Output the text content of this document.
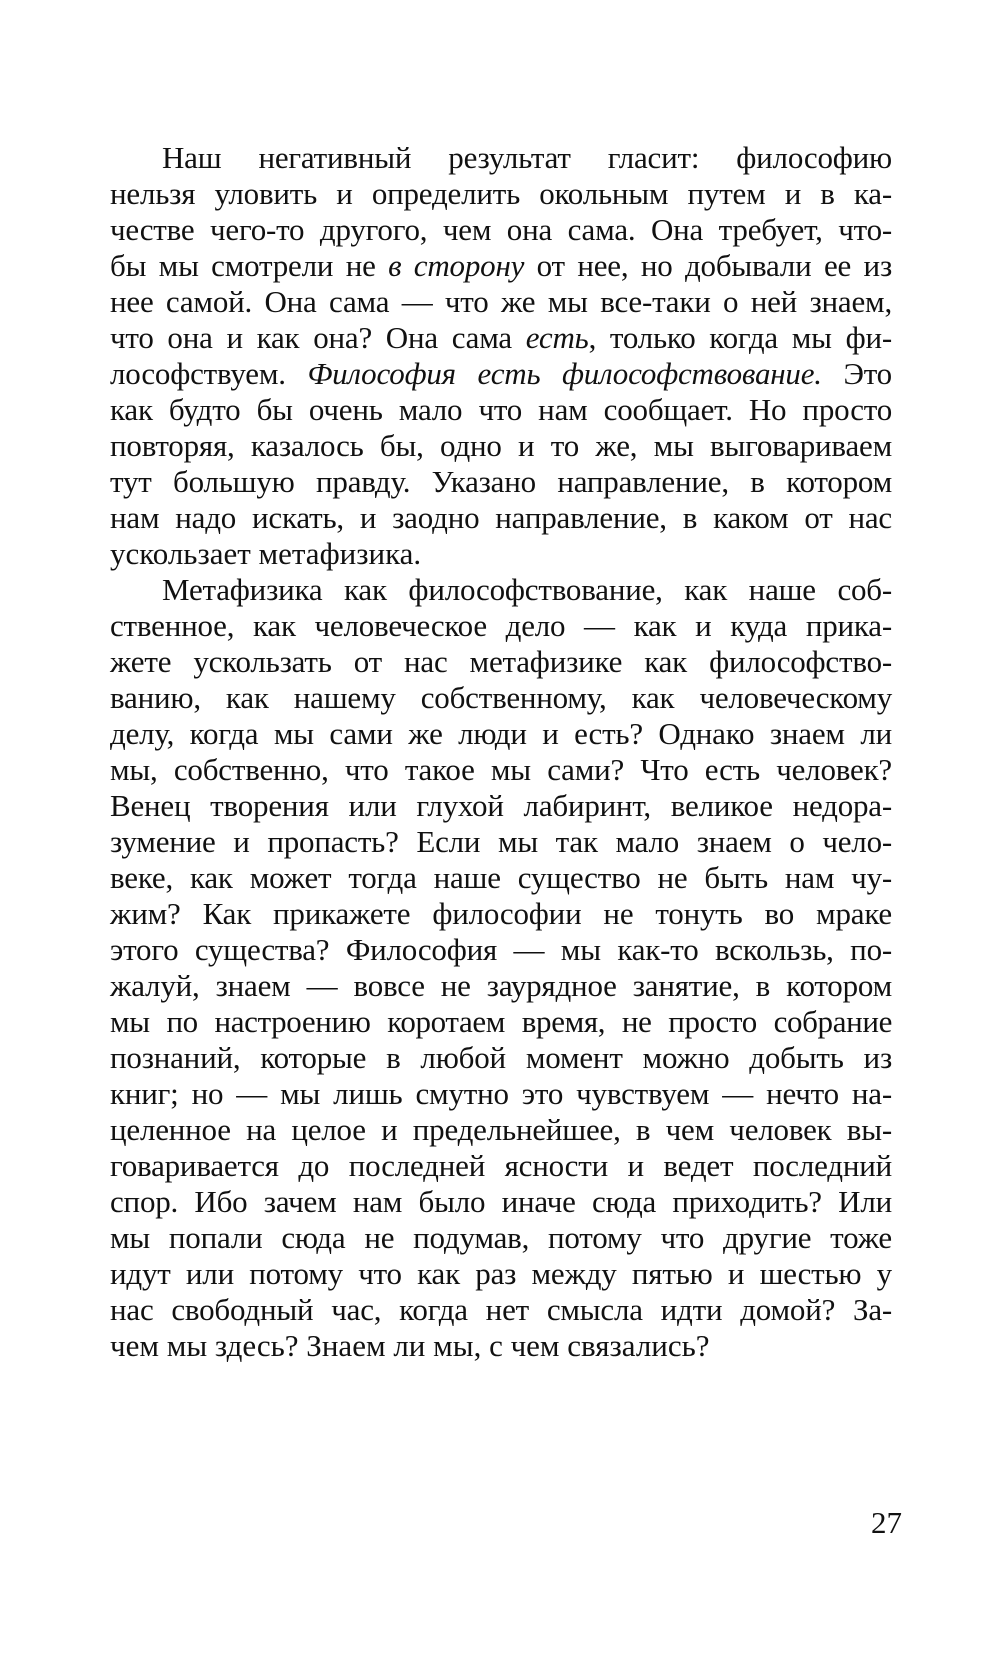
Наш негативный результат гласит: философию
нельзя уловить и определить окольным путем и в ка-
честве чего-то другого, чем она сама. Она требует, что-
бы мы смотрели не в сторону от нее, но добывали ее из
нее самой. Она сама — что же мы все-таки о ней знаем,
что она и как она? Она сама есть, только когда мы фи-
лософствуем. Философия есть философствование. Это
как будто бы очень мало что нам сообщает. Но просто
повторяя, казалось бы, одно и то же, мы выговариваем
тут большую правду. Указано направление, в котором
нам надо искать, и заодно направление, в каком от нас
ускользает метафизика.
Метафизика как философствование, как наше соб-
ственное, как человеческое дело — как и куда прика-
жете ускользать от нас метафизике как философство-
ванию, как нашему собственному, как человеческому
делу, когда мы сами же люди и есть? Однако знаем ли
мы, собственно, что такое мы сами? Что есть человек?
Венец творения или глухой лабиринт, великое недора-
зумение и пропасть? Если мы так мало знаем о чело-
веке, как может тогда наше существо не быть нам чу-
жим? Как прикажете философии не тонуть во мраке
этого существа? Философия — мы как-то вскользь, по-
жалуй, знаем — вовсе не заурядное занятие, в котором
мы по настроению коротаем время, не просто собрание
познаний, которые в любой момент можно добыть из
книг; но — мы лишь смутно это чувствуем — нечто на-
целенное на целое и предельнейшее, в чем человек вы-
говаривается до последней ясности и ведет последний
спор. Ибо зачем нам было иначе сюда приходить? Или
мы попали сюда не подумав, потому что другие тоже
идут или потому что как раз между пятью и шестью у
нас свободный час, когда нет смысла идти домой? За-
чем мы здесь? Знаем ли мы, с чем связались?
27
